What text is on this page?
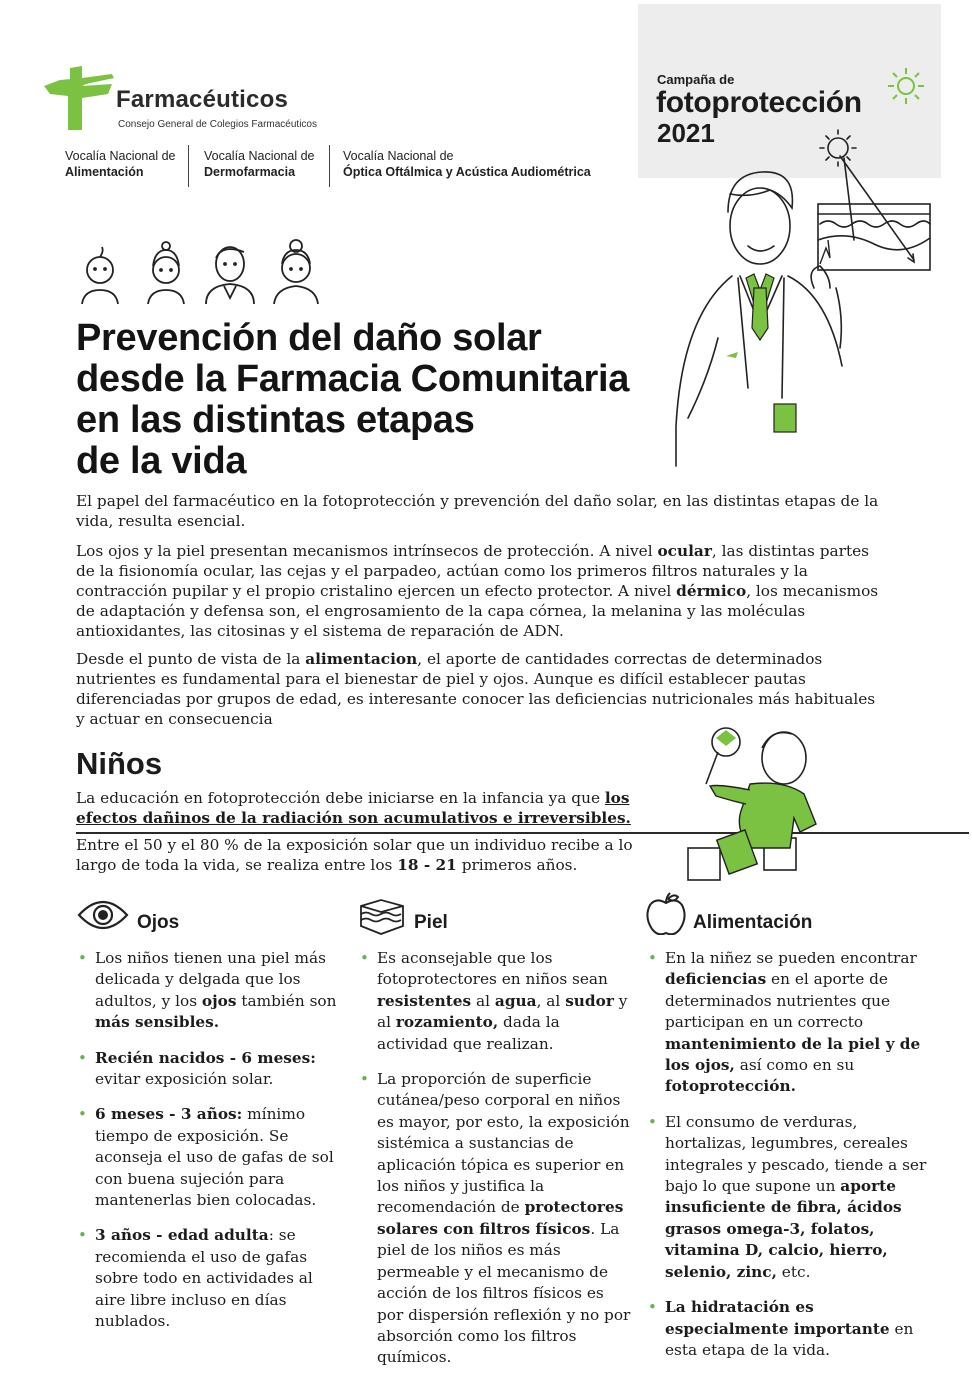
Farmacéuticos
Consejo General de Colegios Farmacéuticos
Vocalía Nacional de
Alimentación
Vocalía Nacional de
Dermofarmacia
Vocalía Nacional de
Óptica Oftálmica y Acústica Audiométrica
Campaña de
fotoprotección
2021
Prevención del daño solar
desde la Farmacia Comunitaria
en las distintas etapas
de la vida
El papel del farmacéutico en la fotoprotección y prevención del daño solar, en las distintas etapas de la vida, resulta esencial.
Los ojos y la piel presentan mecanismos intrínsecos de protección. A nivel ocular, las distintas partes de la fisionomía ocular, las cejas y el parpadeo, actúan como los primeros filtros naturales y la contracción pupilar y el propio cristalino ejercen un efecto protector. A nivel dérmico, los mecanismos de adaptación y defensa son, el engrosamiento de la capa córnea, la melanina y las moléculas antioxidantes, las citosinas y el sistema de reparación de ADN.
Desde el punto de vista de la alimentacion, el aporte de cantidades correctas de determinados nutrientes es fundamental para el bienestar de piel y ojos. Aunque es difícil establecer pautas diferenciadas por grupos de edad, es interesante conocer las deficiencias nutricionales más habituales y actuar en consecuencia
Niños
La educación en fotoprotección debe iniciarse en la infancia ya que los efectos dañinos de la radiación son acumulativos e irreversibles.
Entre el 50 y el 80 % de la exposición solar que un individuo recibe a lo largo de toda la vida, se realiza entre los 18 - 21 primeros años.
Ojos	Piel	Alimentación
• Los niños tienen una piel más delicada y delgada que los adultos, y los ojos también son más sensibles.
• Recién nacidos - 6 meses: evitar exposición solar.
• 6 meses - 3 años: mínimo tiempo de exposición. Se aconseja el uso de gafas de sol con buena sujeción para mantenerlas bien colocadas.
• 3 años - edad adulta: se recomienda el uso de gafas sobre todo en actividades al aire libre incluso en días nublados.
• Es aconsejable que los fotoprotectores en niños sean resistentes al agua, al sudor y al rozamiento, dada la actividad que realizan.
• La proporción de superficie cutánea/peso corporal en niños es mayor, por esto, la exposición sistémica a sustancias de aplicación tópica es superior en los niños y justifica la recomendación de protectores solares con filtros físicos. La piel de los niños es más permeable y el mecanismo de acción de los filtros físicos es por dispersión reflexión y no por absorción como los filtros químicos.
• En la niñez se pueden encontrar deficiencias en el aporte de determinados nutrientes que participan en un correcto mantenimiento de la piel y de los ojos, así como en su fotoprotección.
• El consumo de verduras, hortalizas, legumbres, cereales integrales y pescado, tiende a ser bajo lo que supone un aporte insuficiente de fibra, ácidos grasos omega-3, folatos, vitamina D, calcio, hierro, selenio, zinc, etc.
• La hidratación es especialmente importante en esta etapa de la vida.
